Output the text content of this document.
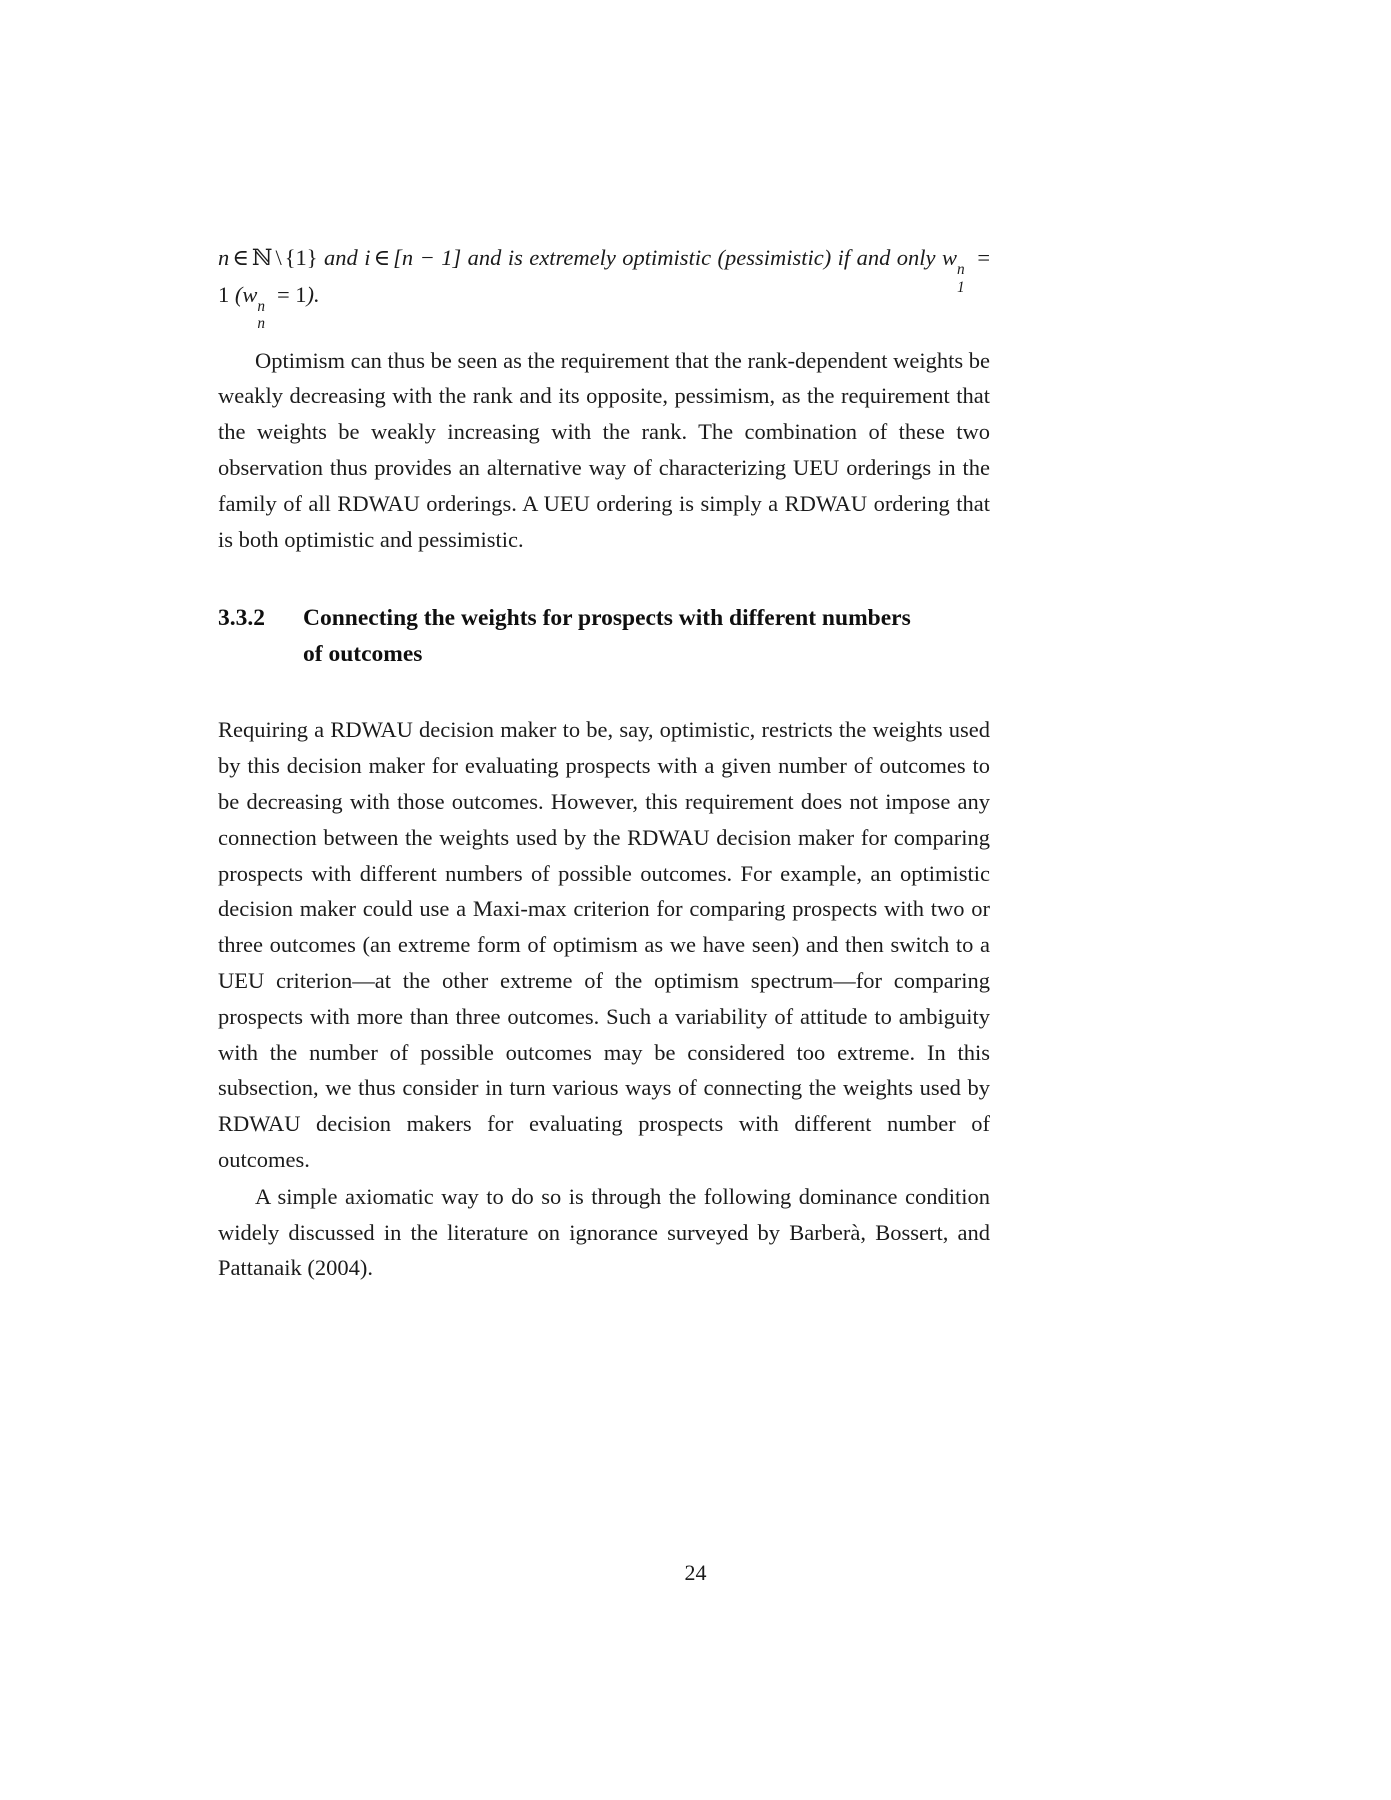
n ∈ ℕ \ {1} and i ∈ [n − 1] and is extremely optimistic (pessimistic) if and only w n
1
= 1 (w n
n
= 1).

Optimism can thus be seen as the requirement that the rank-dependent weights be weakly decreasing with the rank and its opposite, pessimism, as the requirement that the weights be weakly increasing with the rank. The combination of these two observation thus provides an alternative way of characterizing UEU orderings in the family of all RDWAU orderings. A UEU ordering is simply a RDWAU ordering that is both optimistic and pessimistic.

3.3.2	Connecting the weights for prospects with different numbers
of outcomes

Requiring a RDWAU decision maker to be, say, optimistic, restricts the weights used by this decision maker for evaluating prospects with a given number of outcomes to be decreasing with those outcomes. However, this requirement does not impose any connection between the weights used by the RDWAU decision maker for comparing prospects with different numbers of possible outcomes. For example, an optimistic decision maker could use a Maxi-max criterion for comparing prospects with two or three outcomes (an extreme form of optimism as we have seen) and then switch to a UEU criterion—at the other extreme of the optimism spectrum—for comparing prospects with more than three outcomes. Such a variability of attitude to ambiguity with the number of possible outcomes may be considered too extreme. In this subsection, we thus consider in turn various ways of connecting the weights used by RDWAU decision makers for evaluating prospects with different number of outcomes.

A simple axiomatic way to do so is through the following dominance condition widely discussed in the literature on ignorance surveyed by Barberà, Bossert, and Pattanaik (2004).

24
